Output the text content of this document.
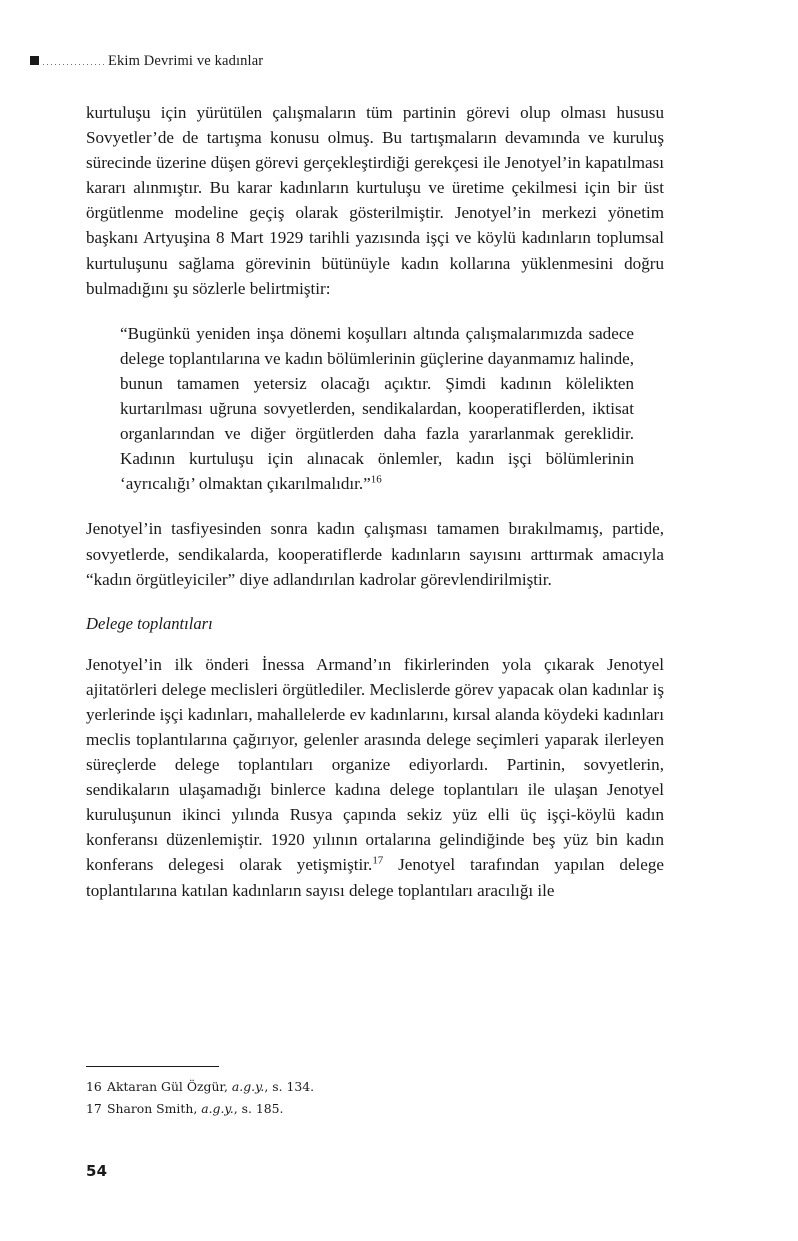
Ekim Devrimi ve kadınlar

kurtuluşu için yürütülen çalışmaların tüm partinin görevi olup olması hususu Sovyetler’de de tartışma konusu olmuş. Bu tartışmaların devamında ve kuruluş sürecinde üzerine düşen görevi gerçekleştirdiği gerekçesi ile Jenotyel’in kapatılması kararı alınmıştır. Bu karar kadınların kurtuluşu ve üretime çekilmesi için bir üst örgütlenme modeline geçiş olarak gösterilmiştir. Jenotyel’in merkezi yönetim başkanı Artyuşina 8 Mart 1929 tarihli yazısında işçi ve köylü kadınların toplumsal kurtuluşunu sağlama görevinin bütünüyle kadın kollarına yüklenmesini doğru bulmadığını şu sözlerle belirtmiştir:

“Bugünkü yeniden inşa dönemi koşulları altında çalışmalarımızda sadece delege toplantılarına ve kadın bölümlerinin güçlerine dayanmamız halinde, bunun tamamen yetersiz olacağı açıktır. Şimdi kadının kölelikten kurtarılması uğruna sovyetlerden, sendikalardan, kooperatiflerden, iktisat organlarından ve diğer örgütlerden daha fazla yararlanmak gereklidir. Kadının kurtuluşu için alınacak önlemler, kadın işçi bölümlerinin ‘ayrıcalığı’ olmaktan çıkarılmalıdır.”$^{16}$

Jenotyel’in tasfiyesinden sonra kadın çalışması tamamen bırakılmamış, partide, sovyetlerde, sendikalarda, kooperatiflerde kadınların sayısını arttırmak amacıyla “kadın örgütleyiciler” diye adlandırılan kadrolar görevlendirilmiştir.

Delege toplantıları

Jenotyel’in ilk önderi İnessa Armand’ın fikirlerinden yola çıkarak Jenotyel ajitatörleri delege meclisleri örgütlediler. Meclislerde görev yapacak olan kadınlar iş yerlerinde işçi kadınları, mahallelerde ev kadınlarını, kırsal alanda köydeki kadınları meclis toplantılarına çağırıyor, gelenler arasında delege seçimleri yaparak ilerleyen süreçlerde delege toplantıları organize ediyorlardı. Partinin, sovyetlerin, sendikaların ulaşamadığı binlerce kadına delege toplantıları ile ulaşan Jenotyel kuruluşunun ikinci yılında Rusya çapında sekiz yüz elli üç işçi-köylü kadın konferansı düzenlemiştir. 1920 yılının ortalarına gelindiğinde beş yüz bin kadın konferans delegesi olarak yetişmiştir.$^{17}$ Jenotyel tarafından yapılan delege toplantılarına katılan kadınların sayısı delege toplantıları aracılığı ile

16 Aktaran Gül Özgür, a.g.y., s. 134.
17 Sharon Smith, a.g.y., s. 185.
54
